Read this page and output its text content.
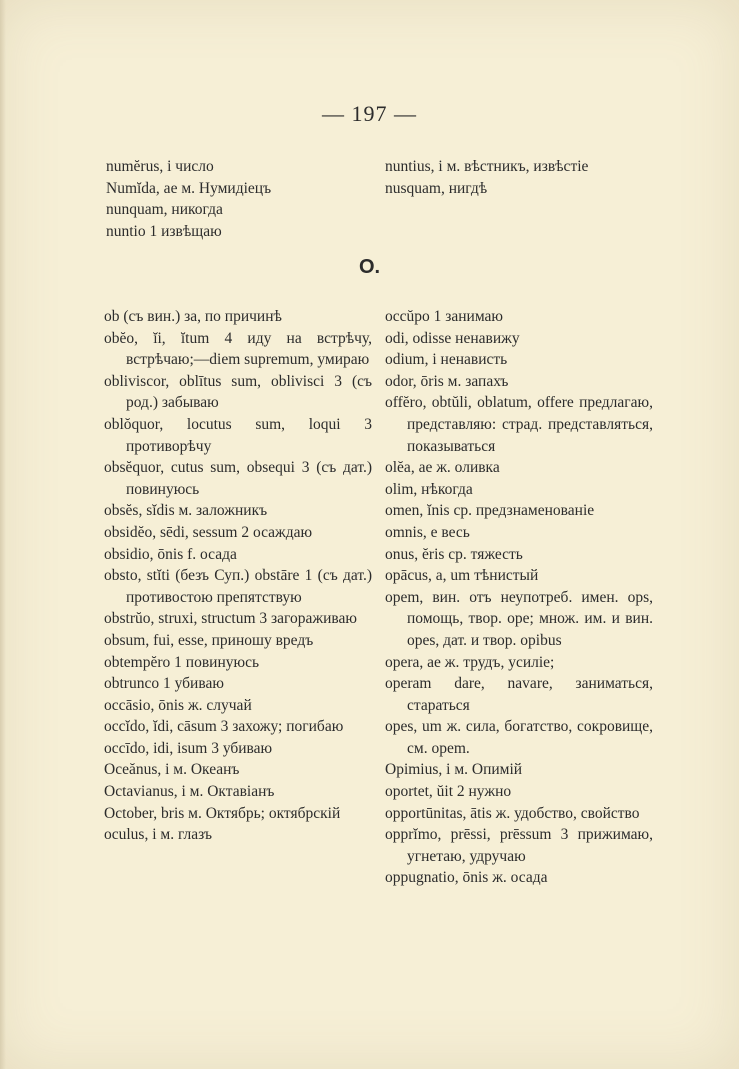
— 197 —
numĕrus, i число
Numĭda, ae м. Нумидiецъ
nunquam, никогда
nuntio 1 извѣщаю
nuntius, i м. вѣстникъ, извѣстie
nusquam, нигдѣ
O.
ob (съ вин.) за, по причинѣ
obĕo, ĭi, ĭtum 4 иду на встрѣчу, встрѣчаю;—diem supremum, умираю
obliviscor, oblītus sum, oblivisci 3 (съ род.) забываю
oblŏquor, locutus sum, loqui 3 противорѣчу
obsĕquor, cutus sum, obsequi 3 (съ дат.) повинуюсь
obsĕs, sĭdis м. заложникъ
obsidĕo, sēdi, sessum 2 осаждаю
obsidio, ōnis f. осада
obsto, stĭti (безъ Суп.) obstāre 1 (съ дат.) противостою препятствую
obstrŭo, struxi, structum 3 загораживаю
obsum, fui, esse, приношу вредъ
obtempĕro 1 повинуюсь
obtrunco 1 убиваю
occāsio, ōnis ж. случай
occĭdo, ĭdi, cāsum 3 захожу; погибаю
occīdo, idi, isum 3 убиваю
Oceănus, i м. Океанъ
Octavianus, i м. Октавiанъ
October, bris м. Октябрь; октябрскiй
oculus, i м. глазъ
occŭpo 1 занимаю
odi, odisse ненавижу
odium, i ненависть
odor, ōris м. запахъ
offĕro, obtŭli, oblatum, offere предлагаю, представляю: страд. представляться, показываться
olĕa, ae ж. оливка
olim, нѣкогда
omen, ĭnis ср. предзнаменованiе
omnis, e весь
onus, ĕris ср. тяжесть
opācus, a, um тѣнистый
opem, вин. отъ неупотреб. имен. ops, помощь, твор. ope; множ. им. и вин. opes, дат. и твор. opibus
opera, ae ж. трудъ, усилiе;
operam dare, navare, заниматься, стараться
opes, um ж. сила, богатство, сокровище, см. opem.
Opimius, i м. Опимiй
oportet, ŭit 2 нужно
opportūnitas, ātis ж. удобство, свойство
opprĭmo, prēssi, prēssum 3 прижимаю, угнетаю, удручаю
oppugnatio, ōnis ж. осада
